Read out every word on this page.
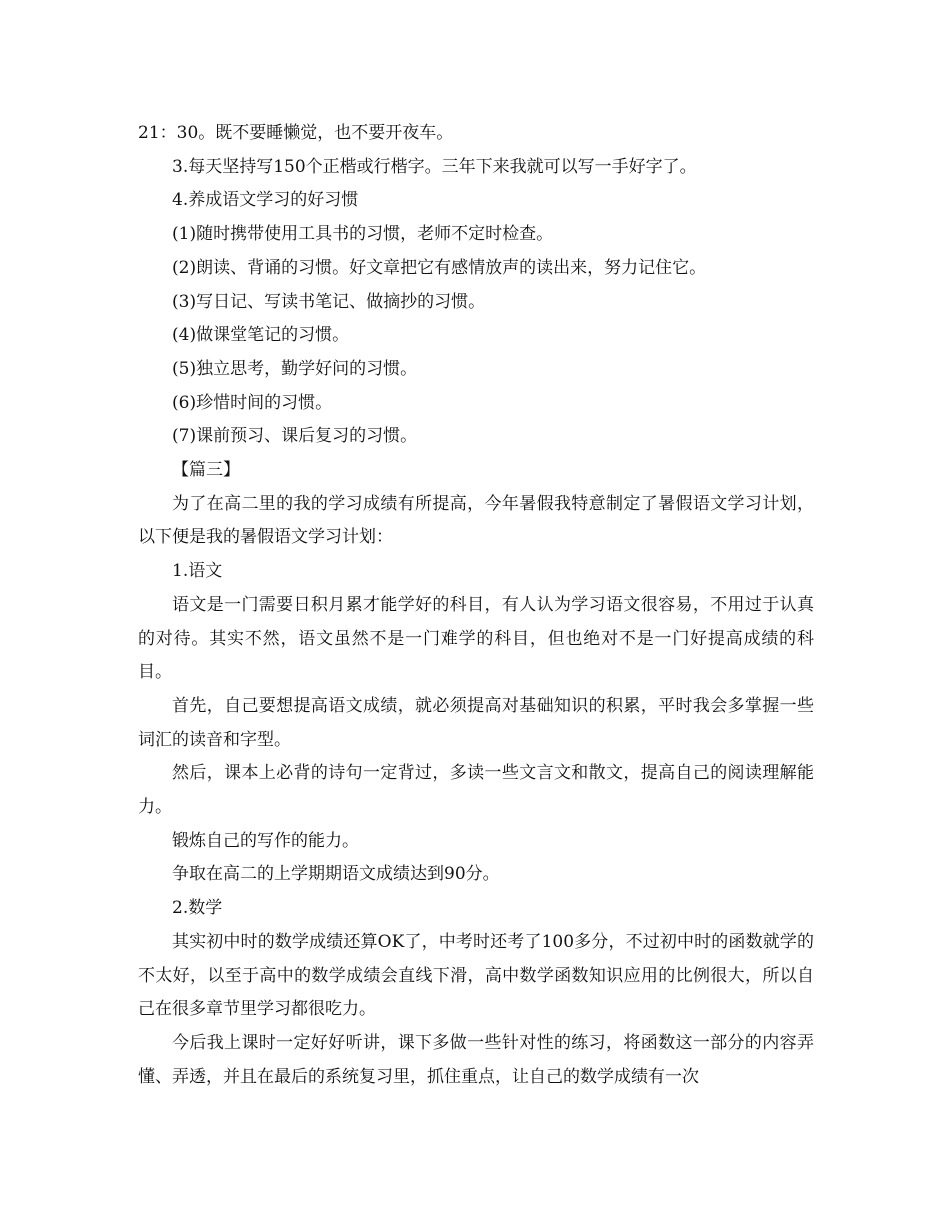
21：30。既不要睡懒觉，也不要开夜车。

3.每天坚持写150个正楷或行楷字。三年下来我就可以写一手好字了。

4.养成语文学习的好习惯

(1)随时携带使用工具书的习惯，老师不定时检查。

(2)朗读、背诵的习惯。好文章把它有感情放声的读出来，努力记住它。

(3)写日记、写读书笔记、做摘抄的习惯。

(4)做课堂笔记的习惯。

(5)独立思考，勤学好问的习惯。

(6)珍惜时间的习惯。

(7)课前预习、课后复习的习惯。

【篇三】

为了在高二里的我的学习成绩有所提高，今年暑假我特意制定了暑假语文学习计划，以下便是我的暑假语文学习计划：

1.语文

语文是一门需要日积月累才能学好的科目，有人认为学习语文很容易，不用过于认真的对待。其实不然，语文虽然不是一门难学的科目，但也绝对不是一门好提高成绩的科目。

首先，自己要想提高语文成绩，就必须提高对基础知识的积累，平时我会多掌握一些词汇的读音和字型。

然后，课本上必背的诗句一定背过，多读一些文言文和散文，提高自己的阅读理解能力。

锻炼自己的写作的能力。

争取在高二的上学期期语文成绩达到90分。

2.数学

其实初中时的数学成绩还算OK了，中考时还考了100多分，不过初中时的函数就学的不太好，以至于高中的数学成绩会直线下滑，高中数学函数知识应用的比例很大，所以自己在很多章节里学习都很吃力。

今后我上课时一定好好听讲，课下多做一些针对性的练习，将函数这一部分的内容弄懂、弄透，并且在最后的系统复习里，抓住重点，让自己的数学成绩有一次
